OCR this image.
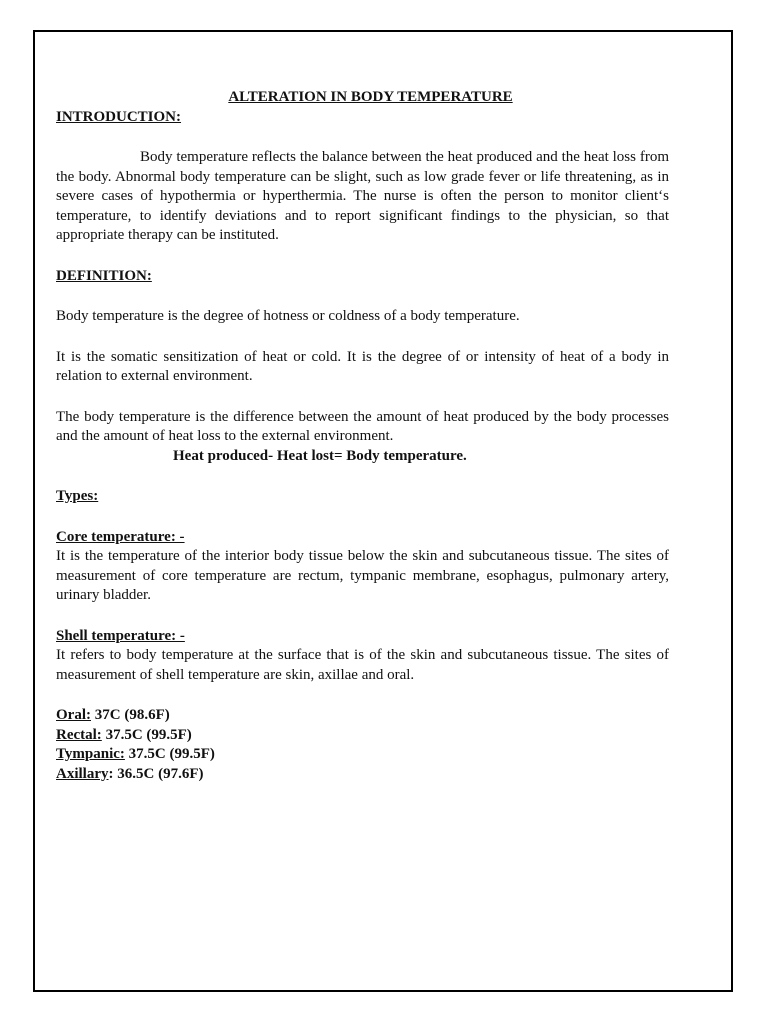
ALTERATION IN BODY TEMPERATURE

INTRODUCTION:

Body temperature reflects the balance between the heat produced and the heat loss from the body. Abnormal body temperature can be slight, such as low grade fever or life threatening, as in severe cases of hypothermia or hyperthermia. The nurse is often the person to monitor client‘s temperature, to identify deviations and to report significant findings to the physician, so that appropriate therapy can be instituted.

DEFINITION:

Body temperature is the degree of hotness or coldness of a body temperature.

It is the somatic sensitization of heat or cold. It is the degree of or intensity of heat of a body in relation to external environment.

The body temperature is the difference between the amount of heat produced by the body processes and the amount of heat loss to the external environment.

Heat produced- Heat lost= Body temperature.

Types:

Core temperature: -

It is the temperature of the interior body tissue below the skin and subcutaneous tissue. The sites of measurement of core temperature are rectum, tympanic membrane, esophagus, pulmonary artery, urinary bladder.

Shell temperature: -

It refers to body temperature at the surface that is of the skin and subcutaneous tissue. The sites of measurement of shell temperature are skin, axillae and oral.

Oral: 37C (98.6F)

Rectal: 37.5C (99.5F)

Tympanic: 37.5C (99.5F)

Axillary: 36.5C (97.6F)
